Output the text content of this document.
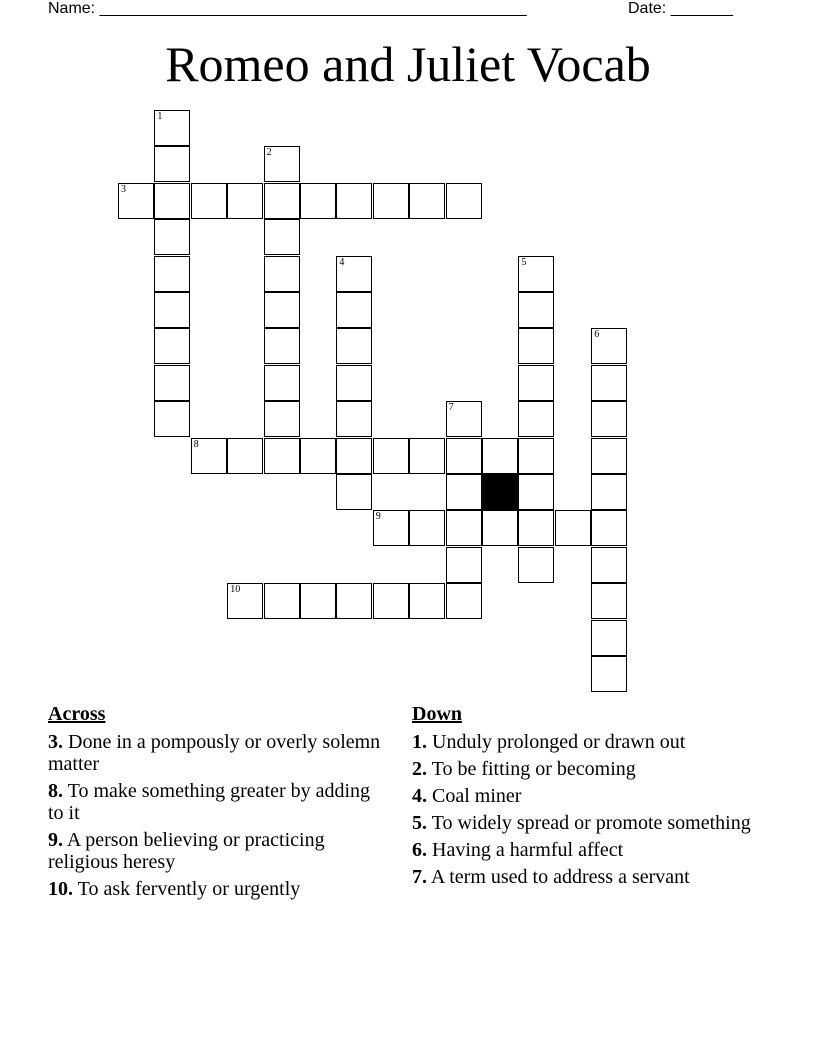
Name: ________________________________________________	Date: _______
Romeo and Juliet Vocab
1
2
3
4	5
6
7
8
9
10
Across
3. Done in a pompously or overly solemn matter
8. To make something greater by adding to it
9. A person believing or practicing religious heresy
10. To ask fervently or urgently
Down
1. Unduly prolonged or drawn out
2. To be fitting or becoming
4. Coal miner
5. To widely spread or promote something
6. Having a harmful affect
7. A term used to address a servant
